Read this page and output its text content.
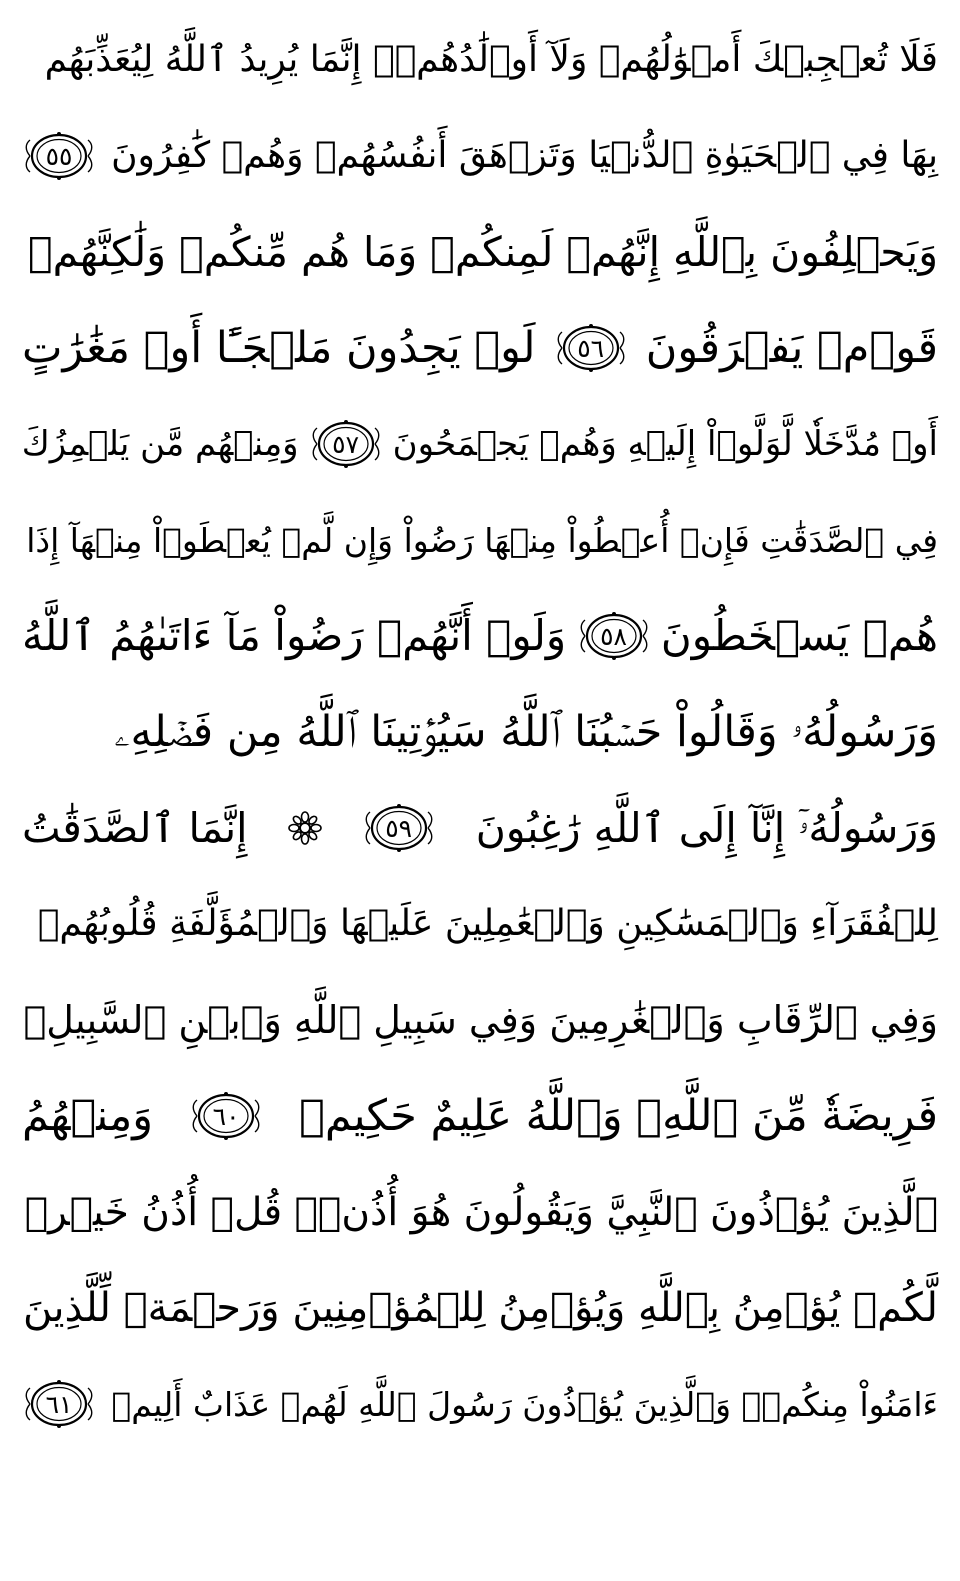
فَلَا تُعۡجِبۡكَ أَمۡوَٰلُهُمۡ وَلَآ أَوۡلَٰدُهُمۡۚ إِنَّمَا يُرِيدُ ٱللَّهُ لِيُعَذِّبَهُم
بِهَا فِي ٱلۡحَيَوٰةِ ٱلدُّنۡيَا وَتَزۡهَقَ أَنفُسُهُمۡ وَهُمۡ كَٰفِرُونَ
٥٥
وَيَحۡلِفُونَ بِٱللَّهِ إِنَّهُمۡ لَمِنكُمۡ وَمَا هُم مِّنكُمۡ وَلَٰكِنَّهُمۡ
قَوۡمٞ يَفۡرَقُونَ
٥٦
لَوۡ يَجِدُونَ مَلۡجَـًٔا أَوۡ مَغَٰرَٰتٍ
أَوۡ مُدَّخَلٗا لَّوَلَّوۡاْ إِلَيۡهِ وَهُمۡ يَجۡمَحُونَ
٥٧
وَمِنۡهُم مَّن يَلۡمِزُكَ
فِي ٱلصَّدَقَٰتِ فَإِنۡ أُعۡطُواْ مِنۡهَا رَضُواْ وَإِن لَّمۡ يُعۡطَوۡاْ مِنۡهَآ إِذَا
هُمۡ يَسۡخَطُونَ
٥٨
وَلَوۡ أَنَّهُمۡ رَضُواْ مَآ ءَاتَىٰهُمُ ٱللَّهُ
وَرَسُولُهُۥ وَقَالُواْ حَسۡبُنَا ٱللَّهُ سَيُؤۡتِينَا ٱللَّهُ مِن فَضۡلِهِۦ
وَرَسُولُهُۥٓ إِنَّآ إِلَى ٱللَّهِ رَٰغِبُونَ
٥٩
إِنَّمَا ٱلصَّدَقَٰتُ
لِلۡفُقَرَآءِ وَٱلۡمَسَٰكِينِ وَٱلۡعَٰمِلِينَ عَلَيۡهَا وَٱلۡمُؤَلَّفَةِ قُلُوبُهُمۡ
وَفِي ٱلرِّقَابِ وَٱلۡغَٰرِمِينَ وَفِي سَبِيلِ ٱللَّهِ وَٱبۡنِ ٱلسَّبِيلِۖ
فَرِيضَةٗ مِّنَ ٱللَّهِۗ وَٱللَّهُ عَلِيمٌ حَكِيمٞ
٦٠
وَمِنۡهُمُ
ٱلَّذِينَ يُؤۡذُونَ ٱلنَّبِيَّ وَيَقُولُونَ هُوَ أُذُنٞۚ قُلۡ أُذُنُ خَيۡرٖ
لَّكُمۡ يُؤۡمِنُ بِٱللَّهِ وَيُؤۡمِنُ لِلۡمُؤۡمِنِينَ وَرَحۡمَةٞ لِّلَّذِينَ
ءَامَنُواْ مِنكُمۡۚ وَٱلَّذِينَ يُؤۡذُونَ رَسُولَ ٱللَّهِ لَهُمۡ عَذَابٌ أَلِيمٞ
٦١
